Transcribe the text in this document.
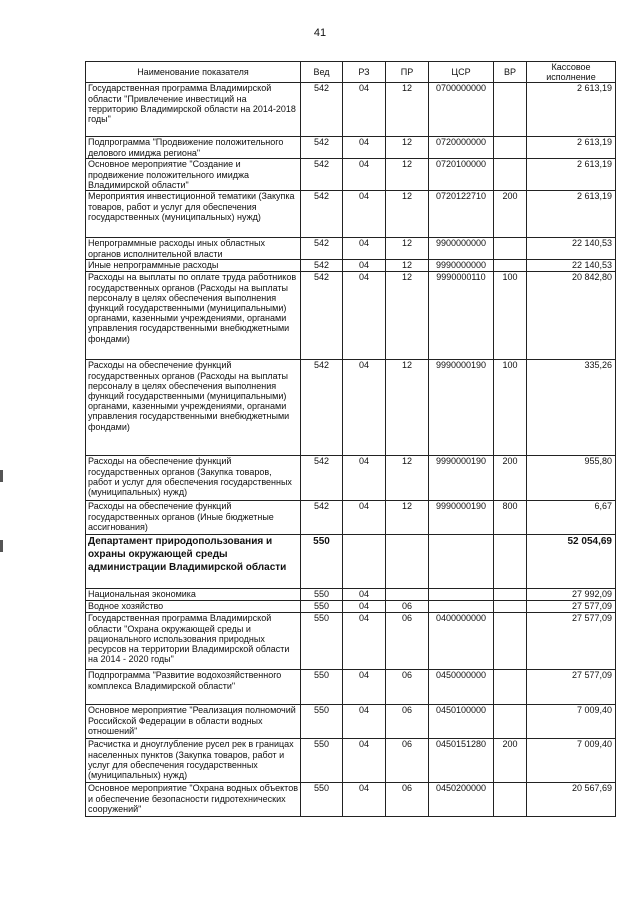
41
Наименование показателя	Вед	РЗ	ПР	ЦСР	ВР	Кассовое исполнение
Государственная программа Владимирской области "Привлечение инвестиций на территорию Владимирской области на 2014-2018 годы"	542	04	12	0700000000		2 613,19
Подпрограмма "Продвижение положительного делового имиджа региона"	542	04	12	0720000000		2 613,19
Основное мероприятие "Создание и продвижение положительного имиджа Владимирской области"	542	04	12	0720100000		2 613,19
Мероприятия инвестиционной тематики (Закупка товаров, работ и услуг для обеспечения государственных (муниципальных) нужд)	542	04	12	0720122710	200	2 613,19
Непрограммные расходы иных областных органов исполнительной власти	542	04	12	9900000000		22 140,53
Иные непрограммные расходы	542	04	12	9990000000		22 140,53
Расходы на выплаты по оплате труда работников государственных органов (Расходы на выплаты персоналу в целях обеспечения выполнения функций государственными (муниципальными) органами, казенными учреждениями, органами управления государственными внебюджетными фондами)	542	04	12	9990000110	100	20 842,80
Расходы на обеспечение функций государственных органов (Расходы на выплаты персоналу в целях обеспечения выполнения функций государственными (муниципальными) органами, казенными учреждениями, органами управления государственными внебюджетными фондами)	542	04	12	9990000190	100	335,26
Расходы на обеспечение функций государственных органов (Закупка товаров, работ и услуг для обеспечения государственных (муниципальных) нужд)	542	04	12	9990000190	200	955,80
Расходы на обеспечение функций государственных органов (Иные бюджетные ассигнования)	542	04	12	9990000190	800	6,67
Департамент природопользования и охраны окружающей среды администрации Владимирской области	550					52 054,69
Национальная экономика	550	04				27 992,09
Водное хозяйство	550	04	06			27 577,09
Государственная программа Владимирской области "Охрана окружающей среды и рационального использования природных ресурсов на территории Владимирской области на 2014 - 2020 годы"	550	04	06	0400000000		27 577,09
Подпрограмма "Развитие водохозяйственного комплекса Владимирской области"	550	04	06	0450000000		27 577,09
Основное мероприятие "Реализация полномочий Российской Федерации в области водных отношений"	550	04	06	0450100000		7 009,40
Расчистка и дноуглубление русел рек в границах населенных пунктов (Закупка товаров, работ и услуг для обеспечения государственных (муниципальных) нужд)	550	04	06	0450151280	200	7 009,40
Основное мероприятие "Охрана водных объектов и обеспечение безопасности гидротехнических сооружений"	550	04	06	0450200000		20 567,69
